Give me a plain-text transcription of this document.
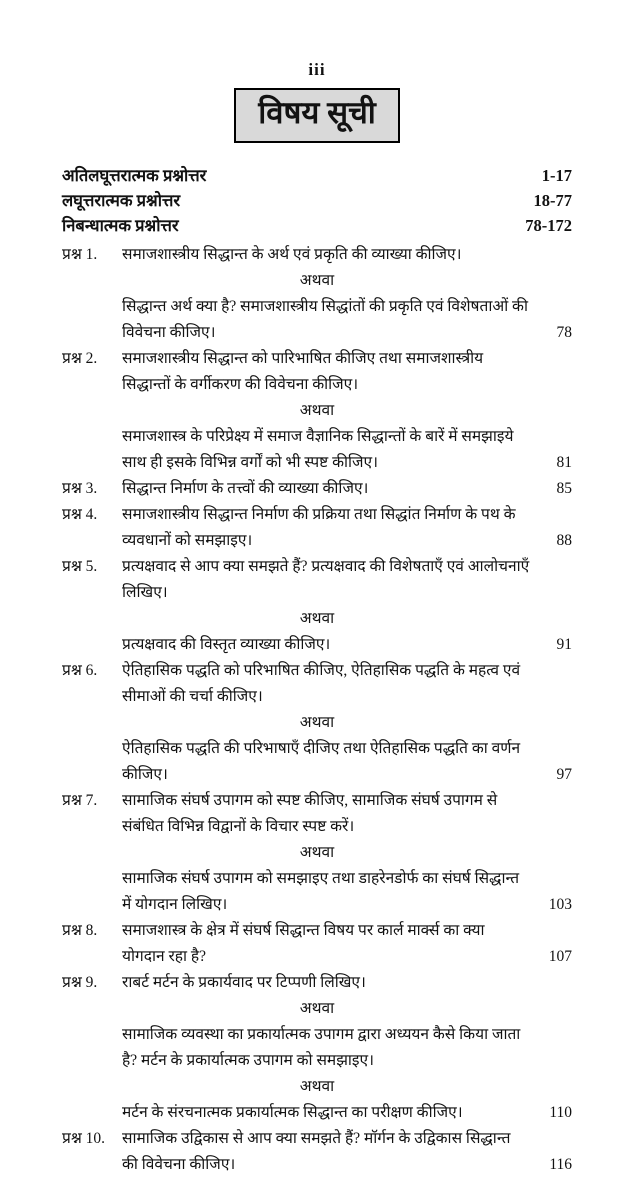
iii
विषय सूची
अतिलघूत्तरात्मक प्रश्नोत्तर	1-17
लघूत्तरात्मक प्रश्नोत्तर	18-77
निबन्धात्मक प्रश्नोत्तर	78-172
प्रश्न 1.	समाजशास्त्रीय सिद्धान्त के अर्थ एवं प्रकृति की व्याख्या कीजिए।
अथवा
सिद्धान्त अर्थ क्या है? समाजशास्त्रीय सिद्धांतों की प्रकृति एवं विशेषताओं की विवेचना कीजिए।	78
प्रश्न 2.	समाजशास्त्रीय सिद्धान्त को पारिभाषित कीजिए तथा समाजशास्त्रीय सिद्धान्तों के वर्गीकरण की विवेचना कीजिए।
अथवा
समाजशास्त्र के परिप्रेक्ष्य में समाज वैज्ञानिक सिद्धान्तों के बारें में समझाइये साथ ही इसके विभिन्न वर्गों को भी स्पष्ट कीजिए।	81
प्रश्न 3.	सिद्धान्त निर्माण के तत्त्वों की व्याख्या कीजिए।	85
प्रश्न 4.	समाजशास्त्रीय सिद्धान्त निर्माण की प्रक्रिया तथा सिद्धांत निर्माण के पथ के व्यवधानों को समझाइए।	88
प्रश्न 5.	प्रत्यक्षवाद से आप क्या समझते हैं? प्रत्यक्षवाद की विशेषताएँ एवं आलोचनाएँ लिखिए।
अथवा
प्रत्यक्षवाद की विस्तृत व्याख्या कीजिए।	91
प्रश्न 6.	ऐतिहासिक पद्धति को परिभाषित कीजिए, ऐतिहासिक पद्धति के महत्व एवं सीमाओं की चर्चा कीजिए।
अथवा
ऐतिहासिक पद्धति की परिभाषाएँ दीजिए तथा ऐतिहासिक पद्धति का वर्णन कीजिए।	97
प्रश्न 7.	सामाजिक संघर्ष उपागम को स्पष्ट कीजिए, सामाजिक संघर्ष उपागम से संबंधित विभिन्न विद्वानों के विचार स्पष्ट करें।
अथवा
सामाजिक संघर्ष उपागम को समझाइए तथा डाहरेनडोर्फ का संघर्ष सिद्धान्त में योगदान लिखिए।	103
प्रश्न 8.	समाजशास्त्र के क्षेत्र में संघर्ष सिद्धान्त विषय पर कार्ल मार्क्स का क्या योगदान रहा है?	107
प्रश्न 9.	राबर्ट मर्टन के प्रकार्यवाद पर टिप्पणी लिखिए।
अथवा
सामाजिक व्यवस्था का प्रकार्यात्मक उपागम द्वारा अध्ययन कैसे किया जाता है? मर्टन के प्रकार्यात्मक उपागम को समझाइए।
अथवा
मर्टन के संरचनात्मक प्रकार्यात्मक सिद्धान्त का परीक्षण कीजिए।	110
प्रश्न 10.	सामाजिक उद्विकास से आप क्या समझते हैं? मॉर्गन के उद्विकास सिद्धान्त की विवेचना कीजिए।	116
